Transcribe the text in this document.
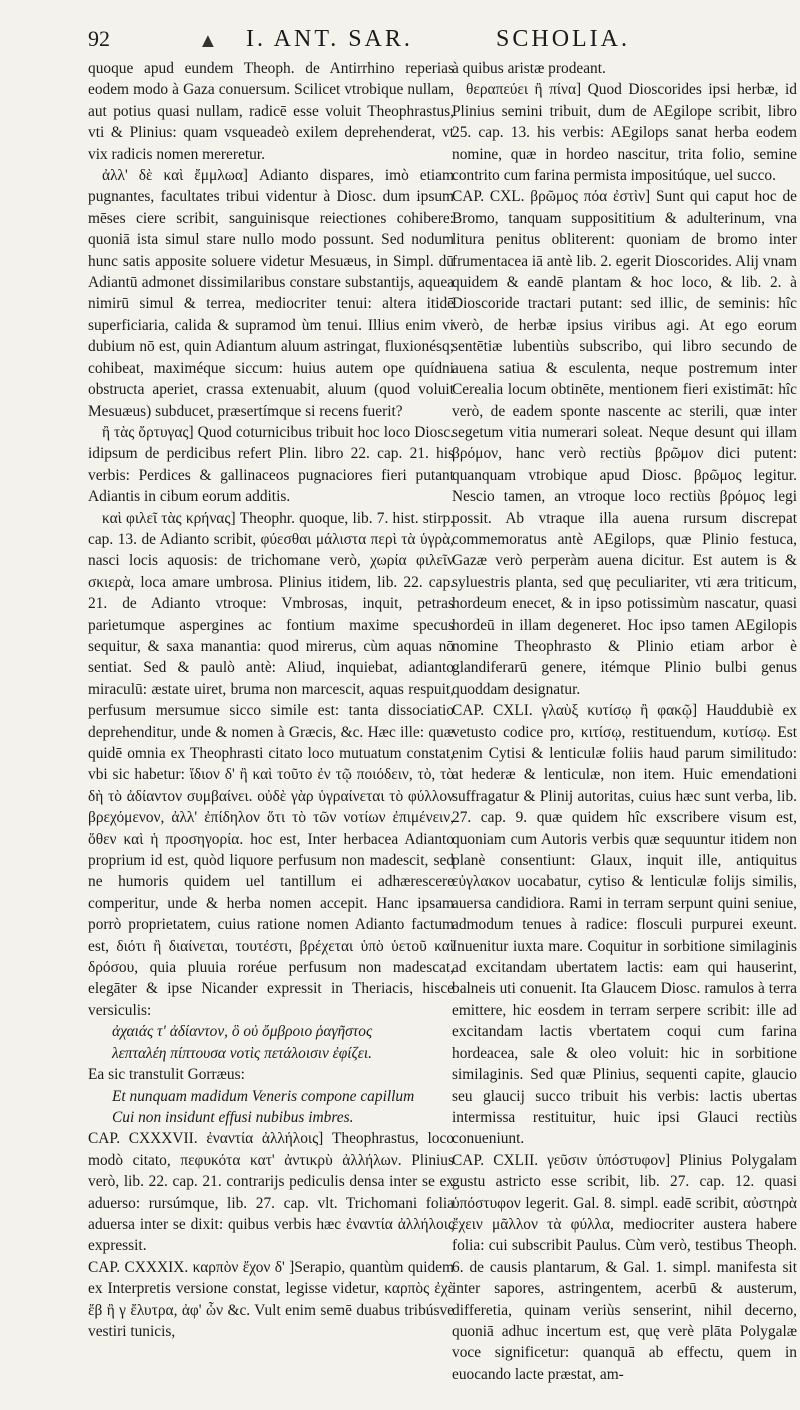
92	▲ I. ANT. SAR.	SCHOLIA.

quoque apud eundem Theoph. de Antirrhino reperias eodem modo à Gaza conuersum. Scilicet vtrobique nullam, aut potius quasi nullam, radicē esse voluit Theophrastus, vti & Plinius: quam vsqueadeò exilem deprehenderat, vt vix radicis nomen mereretur.

ἀλλ' δὲ καὶ ἔμμλωα] Adianto dispares, imò etiam pugnantes, facultates tribui videntur à Diosc. dum ipsum mēses ciere scribit, sanguinisque reiectiones cohibere: quoniā ista simul stare nullo modo possunt. Sed nodum hunc satis apposite soluere videtur Mesuæus, in Simpl. dū Adiantū admonet dissimilaribus constare substantijs, aquea nimirū simul & terrea, mediocriter tenui: altera itidē superficiaria, calida & supramod ùm tenui. Illius enim vi dubium nō est, quin Adiantum aluum astringat, fluxionésq; cohibeat, maximéque siccum: huius autem ope quídni obstructa aperiet, crassa extenuabit, aluum (quod voluit Mesuæus) subducet, præsertímque si recens fuerit?

ἢ τὰς ὄρτυγας] Quod coturnicibus tribuit hoc loco Diosc. idipsum de perdicibus refert Plin. libro 22. cap. 21. his verbis: Perdices & gallinaceos pugnaciores fieri putant Adiantis in cibum eorum additis.

καὶ φιλεῖ τὰς κρήνας] Theophr. quoque, lib. 7. hist. stirp. cap. 13. de Adianto scribit, φύεσθαι μάλιστα περὶ τὰ ὑγρὰ, nasci locis aquosis: de trichomane verò, χωρία φιλεῖν σκιερὰ, loca amare umbrosa. Plinius itidem, lib. 22. cap. 21. de Adianto vtroque: Vmbrosas, inquit, petras parietumque aspergines ac fontium maxime specus sequitur, & saxa manantia: quod mirerus, cùm aquas nō sentiat. Sed & paulò antè: Aliud, inquiebat, adianto miraculū: æstate uiret, bruma non marcescit, aquas respuit, perfusum mersumue sicco simile est: tanta dissociatio deprehenditur, unde & nomen à Græcis, &c. Hæc ille: quæ quidē omnia ex Theophrasti citato loco mutuatum constat, vbi sic habetur: ἴδιον δ' ἢ καὶ τοῦτο ἐν τῷ ποιόδειν, τὸ, τὸ δὴ τὸ ἀδίαντον συμβαίνει. οὐδὲ γὰρ ὑγραίνεται τὸ φύλλον βρεχόμενον, ἀλλ' ἐπίδηλον ὅτι τὸ τῶν νοτίων ἐπιμένειν, ὅθεν καὶ ἡ προσηγορία. hoc est, Inter herbacea Adianto proprium id est, quòd liquore perfusum non madescit, sed ne humoris quidem uel tantillum ei adhærescere comperitur, unde & herba nomen accepit. Hanc ipsam porrò proprietatem, cuius ratione nomen Adianto factum est, διότι ἢ διαίνεται, τουτέστι, βρέχεται ὑπὸ ὑετοῦ καὶ δρόσου, quia pluuia roréue perfusum non madescat, elegāter & ipse Nicander expressit in Theriacis, hisce versiculis:

ἀχαιάς τ' ἀδίαντον, ὃ οὐ ὄμβροιο ῥαγῆστος

λεπταλέη πίπτουσα νοτὶς πετάλοισιν ἐφίζει.

Ea sic transtulit Gorræus:

Et nunquam madidum Veneris compone capillum

Cui non insidunt effusi nubibus imbres.

CAP. CXXXVII. ἐναντία ἀλλήλοις] Theophrastus, loco modò citato, πεφυκότα κατ' ἀντικρὺ ἀλλήλων. Plinius verò, lib. 22. cap. 21. contrarijs pediculis densa inter se ex aduerso: rursúmque, lib. 27. cap. vlt. Trichomani folia aduersa inter se dixit: quibus verbis hæc ἐναντία ἀλλήλοις expressit.

CAP. CXXXIX. καρπὸν ἔχον δ' ]Serapio, quantùm quidem ex Interpretis versione constat, legisse videtur, καρπὸς ἐχὲ ἔβ ἢ γ ἔλυτρα, ἀφ' ὧν &c. Vult enim semē duabus tribúsve vestiri tunicis,

à quibus aristæ prodeant.

θεραπεύει ἢ πίνα] Quod Dioscorides ipsi herbæ, id Plinius semini tribuit, dum de AEgilope scribit, libro 25. cap. 13. his verbis: AEgilops sanat herba eodem nomine, quæ in hordeo nascitur, trita folio, semine contrito cum farina permista impositúque, uel succo.

CAP. CXL. βρῶμος πόα ἐστὶν] Sunt qui caput hoc de Bromo, tanquam supposititium & adulterinum, vna litura penitus obliterent: quoniam de bromo inter frumentacea iā antè lib. 2. egerit Dioscorides. Alij vnam quidem & eandē plantam & hoc loco, & lib. 2. à Dioscoride tractari putant: sed illic, de seminis: hîc verò, de herbæ ipsius viribus agi. At ego eorum sentētiæ lubentiùs subscribo, qui libro secundo de auena satiua & esculenta, neque postremum inter Cerealia locum obtinēte, mentionem fieri existimāt: hîc verò, de eadem sponte nascente ac sterili, quæ inter segetum vitia numerari soleat. Neque desunt qui illam βρόμον, hanc verò rectiùs βρῶμον dici putent: quanquam vtrobique apud Diosc. βρῶμος legitur. Nescio tamen, an vtroque loco rectiùs βρόμος legi possit. Ab vtraque illa auena rursum discrepat commemoratus antè AEgilops, quæ Plinio festuca, Gazæ verò perperàm auena dicitur. Est autem is & syluestris planta, sed quę peculiariter, vti æra triticum, hordeum enecet, & in ipso potissimùm nascatur, quasi hordeū in illam degeneret. Hoc ipso tamen AEgilopis nomine Theophrasto & Plinio etiam arbor è glandiferarū genere, itémque Plinio bulbi genus quoddam designatur.

CAP. CXLI. γλαὺξ κυτίσῳ ἢ φακῷ] Hauddubiè ex vetusto codice pro, κιτίσῳ, restituendum, κυτίσῳ. Est enim Cytisi & lenticulæ foliis haud parum similitudo: at hederæ & lenticulæ, non item. Huic emendationi suffragatur & Plinij autoritas, cuius hæc sunt verba, lib. 27. cap. 9. quæ quidem hîc exscribere visum est, quoniam cum Autoris verbis quæ sequuntur itidem non planè consentiunt: Glaux, inquit ille, antiquitus εὐγλακον uocabatur, cytiso & lenticulæ folijs similis, auersa candidiora. Rami in terram serpunt quini seniue, admodum tenues à radice: flosculi purpurei exeunt. Inuenitur iuxta mare. Coquitur in sorbitione similaginis ad excitandam ubertatem lactis: eam qui hauserint, balneis uti conuenit. Ita Glaucem Diosc. ramulos à terra emittere, hic eosdem in terram serpere scribit: ille ad excitandam lactis vbertatem coqui cum farina hordeacea, sale & oleo voluit: hic in sorbitione similaginis. Sed quæ Plinius, sequenti capite, glaucio seu glaucij succo tribuit his verbis: lactis ubertas intermissa restituitur, huic ipsi Glauci rectiùs conueniunt.

CAP. CXLII. γεῦσιν ὑπόστυφον] Plinius Polygalam gustu astricto esse scribit, lib. 27. cap. 12. quasi ὑπόστυφον legerit. Gal. 8. simpl. eadē scribit, αὐστηρὰ ἔχειν μᾶλλον τὰ φύλλα, mediocriter austera habere folia: cui subscribit Paulus. Cùm verò, testibus Theoph. 6. de causis plantarum, & Gal. 1. simpl. manifesta sit inter sapores, astringentem, acerbū & austerum, differetia, quinam veriùs senserint, nihil decerno, quoniā adhuc incertum est, quę verè plāta Polygalæ voce significetur: quanquā ab effectu, quem in euocando lacte præstat, am-
